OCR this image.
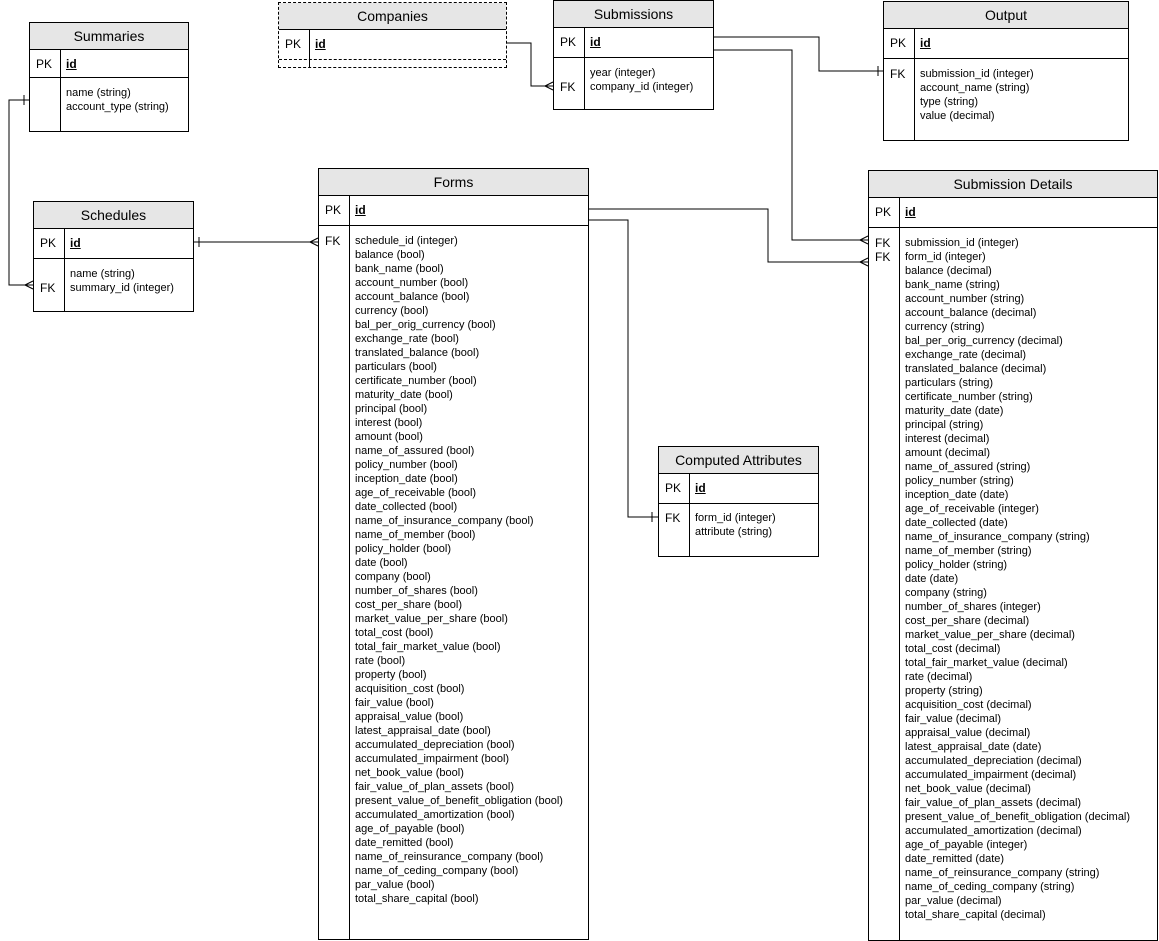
Summaries
PK id
name (string)
account_type (string)
Companies
PK id
Submissions
PK id
FK
year (integer)
company_id (integer)
Output
PK id
FK submission_id (integer)
account_name (string)
type (string)
value (decimal)
Schedules
PK id
FK
name (string)
summary_id (integer)
Forms
PK id
FK schedule_id (integer)
balance (bool)
bank_name (bool)
account_number (bool)
account_balance (bool)
currency (bool)
bal_per_orig_currency (bool)
exchange_rate (bool)
translated_balance (bool)
particulars (bool)
certificate_number (bool)
maturity_date (bool)
principal (bool)
interest (bool)
amount (bool)
name_of_assured (bool)
policy_number (bool)
inception_date (bool)
age_of_receivable (bool)
date_collected (bool)
name_of_insurance_company (bool)
name_of_member (bool)
policy_holder (bool)
date (bool)
company (bool)
number_of_shares (bool)
cost_per_share (bool)
market_value_per_share (bool)
total_cost (bool)
total_fair_market_value (bool)
rate (bool)
property (bool)
acquisition_cost (bool)
fair_value (bool)
appraisal_value (bool)
latest_appraisal_date (bool)
accumulated_depreciation (bool)
accumulated_impairment (bool)
net_book_value (bool)
fair_value_of_plan_assets (bool)
present_value_of_benefit_obligation (bool)
accumulated_amortization (bool)
age_of_payable (bool)
date_remitted (bool)
name_of_reinsurance_company (bool)
name_of_ceding_company (bool)
par_value (bool)
total_share_capital (bool)
Computed Attributes
PK id
FK form_id (integer)
attribute (string)
Submission Details
PK id
FK
FK
submission_id (integer)
form_id (integer)
balance (decimal)
bank_name (string)
account_number (string)
account_balance (decimal)
currency (string)
bal_per_orig_currency (decimal)
exchange_rate (decimal)
translated_balance (decimal)
particulars (string)
certificate_number (string)
maturity_date (date)
principal (string)
interest (decimal)
amount (decimal)
name_of_assured (string)
policy_number (string)
inception_date (date)
age_of_receivable (integer)
date_collected (date)
name_of_insurance_company (string)
name_of_member (string)
policy_holder (string)
date (date)
company (string)
number_of_shares (integer)
cost_per_share (decimal)
market_value_per_share (decimal)
total_cost (decimal)
total_fair_market_value (decimal)
rate (decimal)
property (string)
acquisition_cost (decimal)
fair_value (decimal)
appraisal_value (decimal)
latest_appraisal_date (date)
accumulated_depreciation (decimal)
accumulated_impairment (decimal)
net_book_value (decimal)
fair_value_of_plan_assets (decimal)
present_value_of_benefit_obligation (decimal)
accumulated_amortization (decimal)
age_of_payable (integer)
date_remitted (date)
name_of_reinsurance_company (string)
name_of_ceding_company (string)
par_value (decimal)
total_share_capital (decimal)
